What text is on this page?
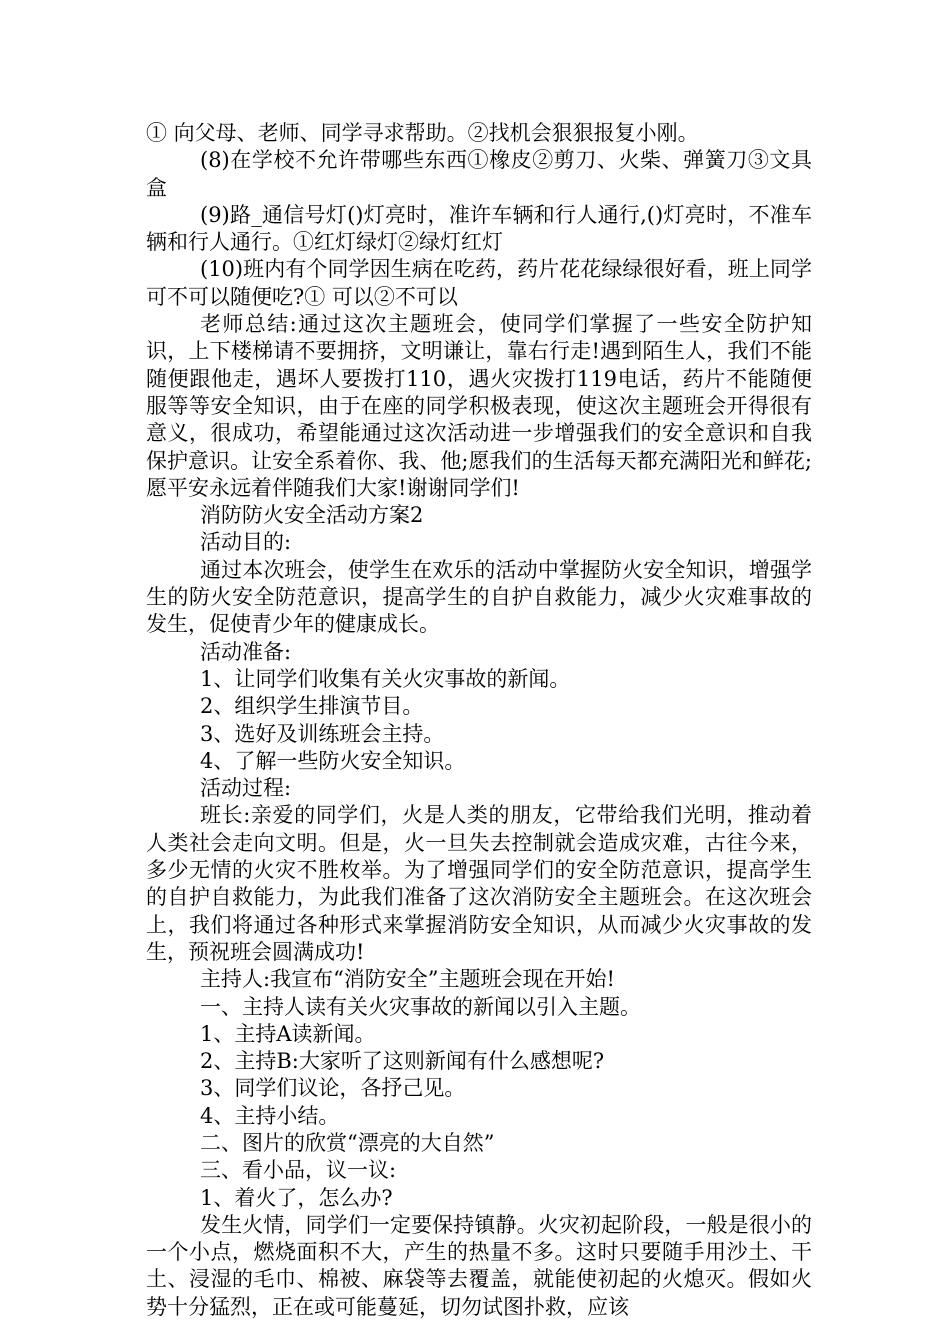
① 向父母、老师、同学寻求帮助。②找机会狠狠报复小刚。

(8)在学校不允许带哪些东西①橡皮②剪刀、火柴、弹簧刀③文具盒

(9)路_通信号灯()灯亮时，准许车辆和行人通行,()灯亮时，不准车辆和行人通行。①红灯绿灯②绿灯红灯

(10)班内有个同学因生病在吃药，药片花花绿绿很好看，班上同学可不可以随便吃?① 可以②不可以

老师总结:通过这次主题班会，使同学们掌握了一些安全防护知识，上下楼梯请不要拥挤，文明谦让，靠右行走!遇到陌生人，我们不能随便跟他走，遇坏人要拨打110，遇火灾拨打119电话，药片不能随便服等等安全知识，由于在座的同学积极表现，使这次主题班会开得很有意义，很成功，希望能通过这次活动进一步增强我们的安全意识和自我保护意识。让安全系着你、我、他;愿我们的生活每天都充满阳光和鲜花;愿平安永远着伴随我们大家!谢谢同学们!

消防防火安全活动方案2

活动目的:

通过本次班会，使学生在欢乐的活动中掌握防火安全知识，增强学生的防火安全防范意识，提高学生的自护自救能力，减少火灾难事故的发生，促使青少年的健康成长。

活动准备:

1、让同学们收集有关火灾事故的新闻。

2、组织学生排演节目。

3、选好及训练班会主持。

4、了解一些防火安全知识。

活动过程:

班长:亲爱的同学们，火是人类的朋友，它带给我们光明，推动着人类社会走向文明。但是，火一旦失去控制就会造成灾难，古往今来，多少无情的火灾不胜枚举。为了增强同学们的安全防范意识，提高学生的自护自救能力，为此我们准备了这次消防安全主题班会。在这次班会上，我们将通过各种形式来掌握消防安全知识，从而减少火灾事故的发生，预祝班会圆满成功!

主持人:我宣布“消防安全”主题班会现在开始!

一、主持人读有关火灾事故的新闻以引入主题。

1、主持A读新闻。

2、主持B:大家听了这则新闻有什么感想呢?

3、同学们议论，各抒己见。

4、主持小结。

二、图片的欣赏“漂亮的大自然”

三、看小品，议一议:

1、着火了，怎么办?

发生火情，同学们一定要保持镇静。火灾初起阶段，一般是很小的一个小点，燃烧面积不大，产生的热量不多。这时只要随手用沙土、干土、浸湿的毛巾、棉被、麻袋等去覆盖，就能使初起的火熄灭。假如火势十分猛烈，正在或可能蔓延，切勿试图扑救，应该
